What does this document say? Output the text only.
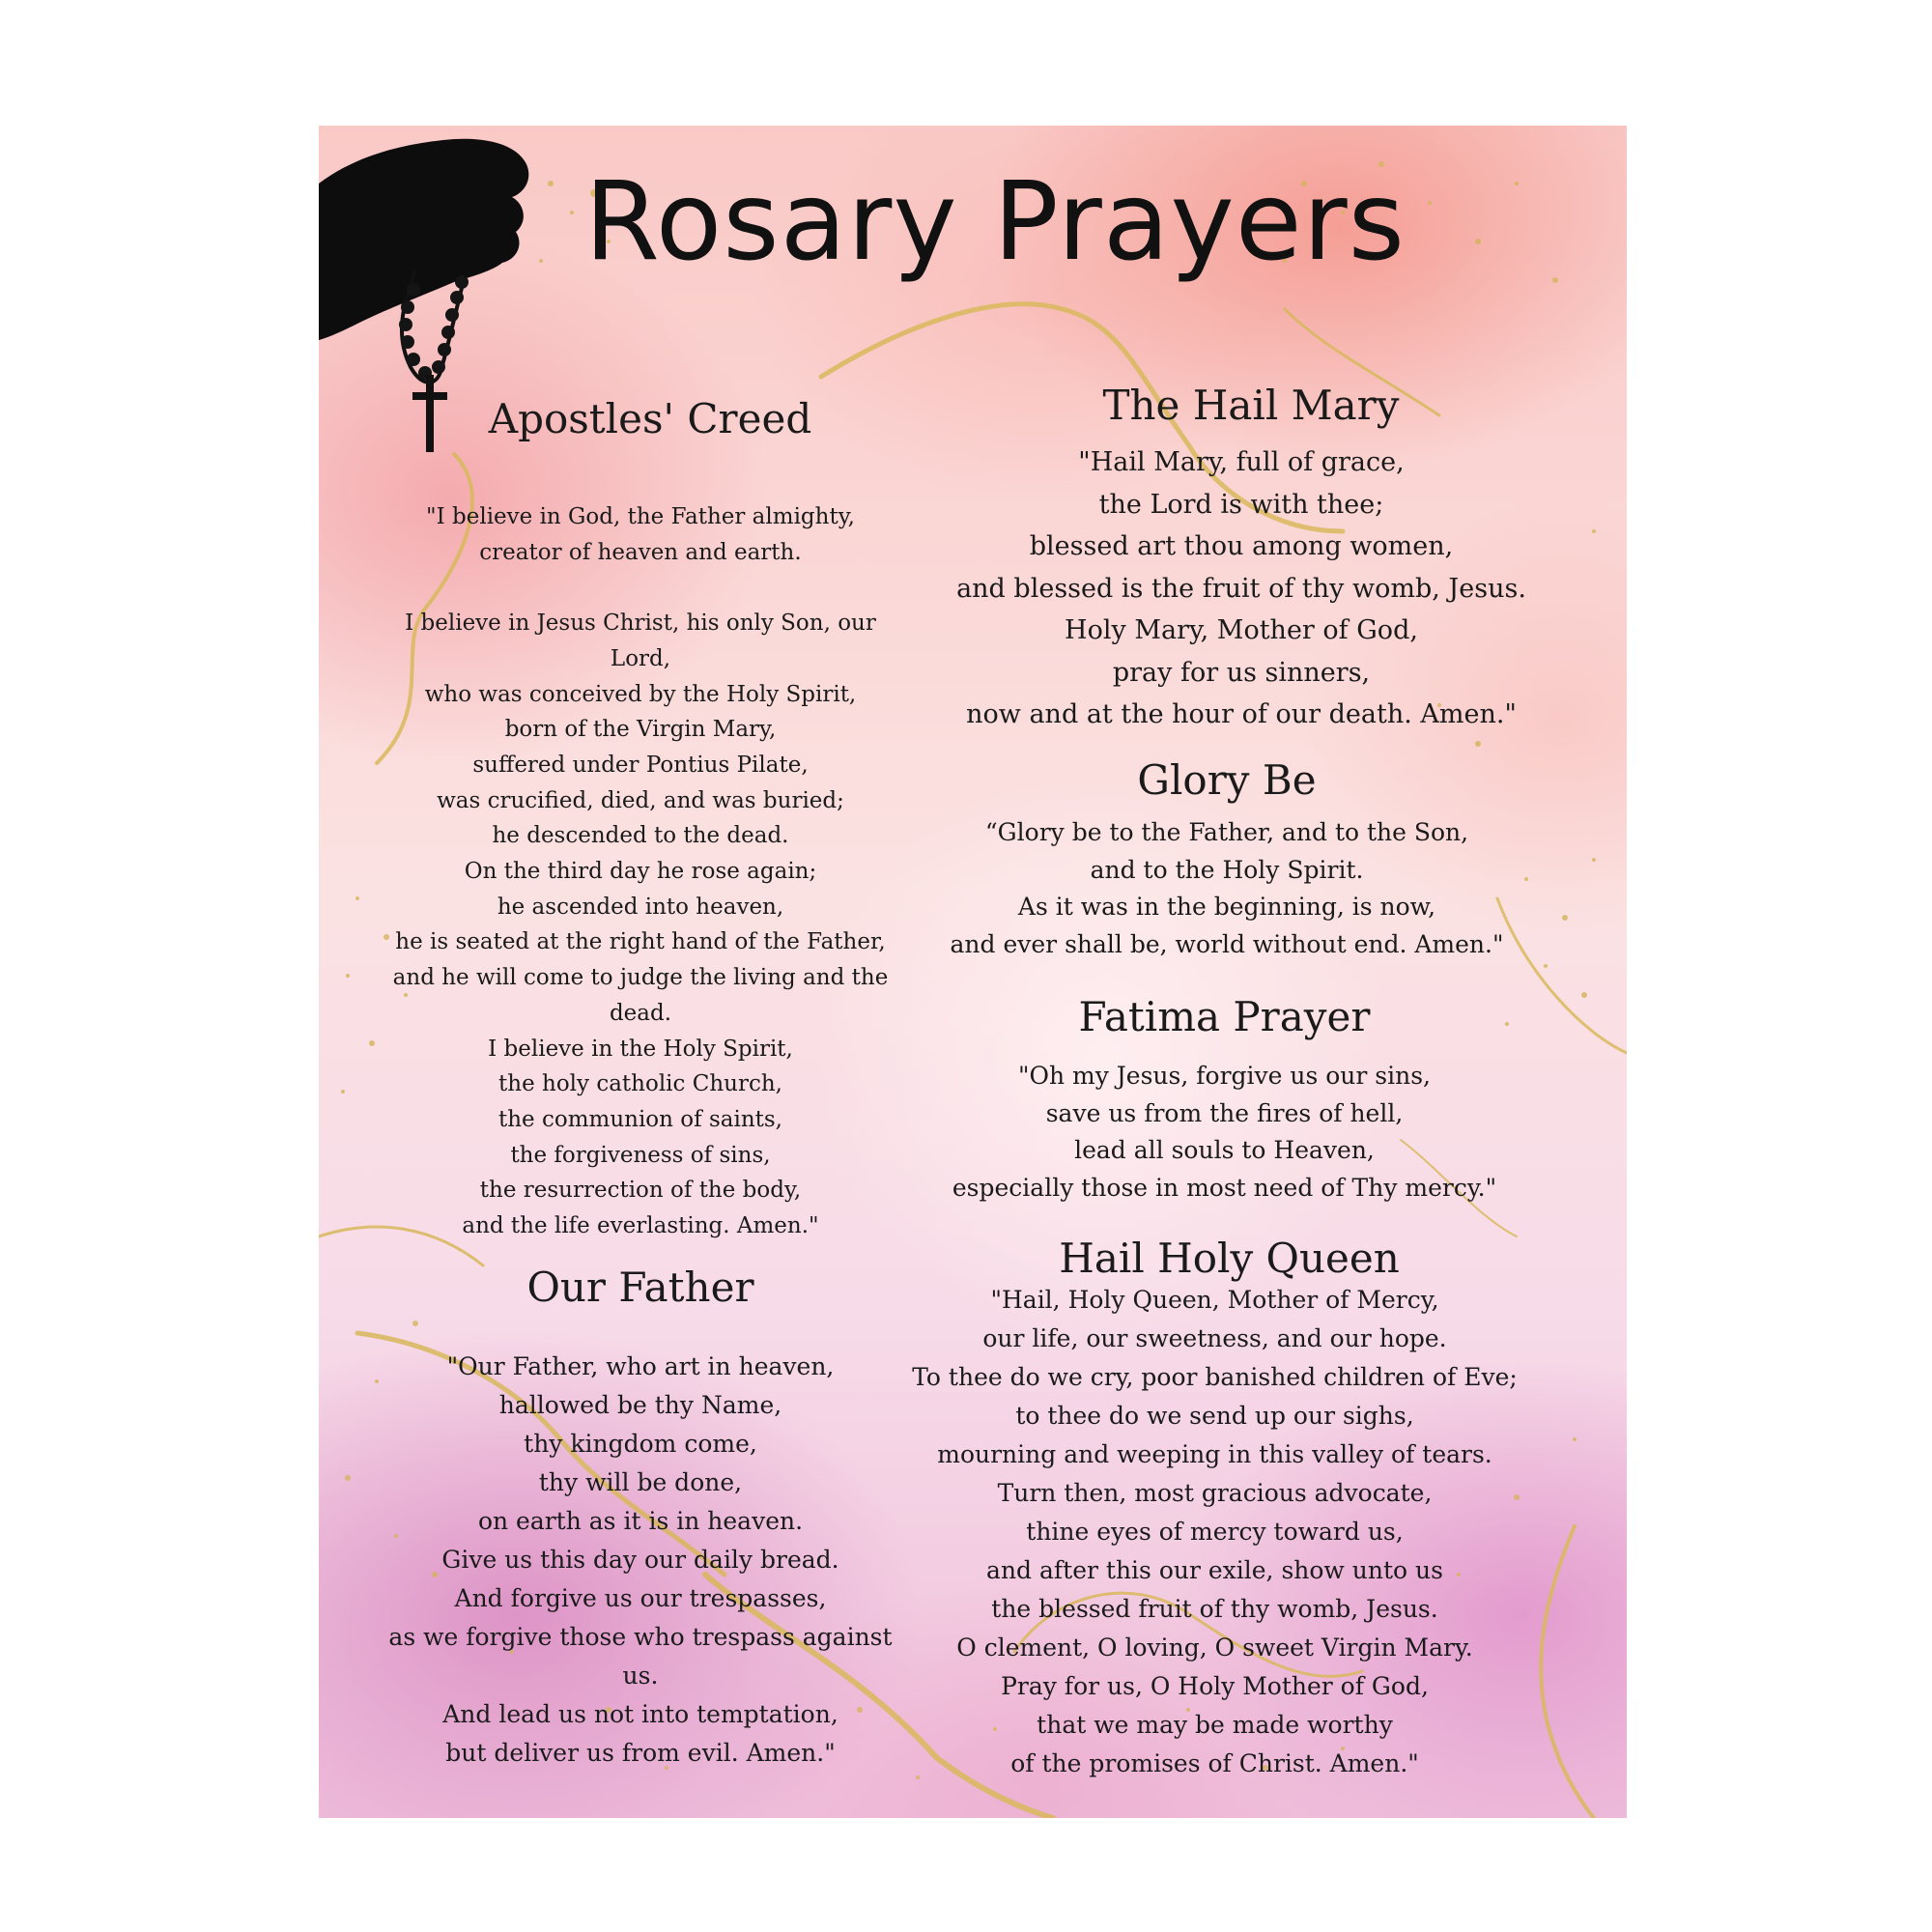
Rosary Prayers
Apostles' Creed
"I believe in God, the Father almighty,
creator of heaven and earth.

I believe in Jesus Christ, his only Son, our
Lord,
who was conceived by the Holy Spirit,
born of the Virgin Mary,
suffered under Pontius Pilate,
was crucified, died, and was buried;
he descended to the dead.
On the third day he rose again;
he ascended into heaven,
he is seated at the right hand of the Father,
and he will come to judge the living and the
dead.
I believe in the Holy Spirit,
the holy catholic Church,
the communion of saints,
the forgiveness of sins,
the resurrection of the body,
and the life everlasting. Amen."
Our Father
"Our Father, who art in heaven,
hallowed be thy Name,
thy kingdom come,
thy will be done,
on earth as it is in heaven.
Give us this day our daily bread.
And forgive us our trespasses,
as we forgive those who trespass against
us.
And lead us not into temptation,
but deliver us from evil. Amen."
The Hail Mary
"Hail Mary, full of grace,
the Lord is with thee;
blessed art thou among women,
and blessed is the fruit of thy womb, Jesus.
Holy Mary, Mother of God,
pray for us sinners,
now and at the hour of our death. Amen."
Glory Be
“Glory be to the Father, and to the Son,
and to the Holy Spirit.
As it was in the beginning, is now,
and ever shall be, world without end. Amen."
Fatima Prayer
"Oh my Jesus, forgive us our sins,
save us from the fires of hell,
lead all souls to Heaven,
especially those in most need of Thy mercy."
Hail Holy Queen
"Hail, Holy Queen, Mother of Mercy,
our life, our sweetness, and our hope.
To thee do we cry, poor banished children of Eve;
to thee do we send up our sighs,
mourning and weeping in this valley of tears.
Turn then, most gracious advocate,
thine eyes of mercy toward us,
and after this our exile, show unto us
the blessed fruit of thy womb, Jesus.
O clement, O loving, O sweet Virgin Mary.
Pray for us, O Holy Mother of God,
that we may be made worthy
of the promises of Christ. Amen."
